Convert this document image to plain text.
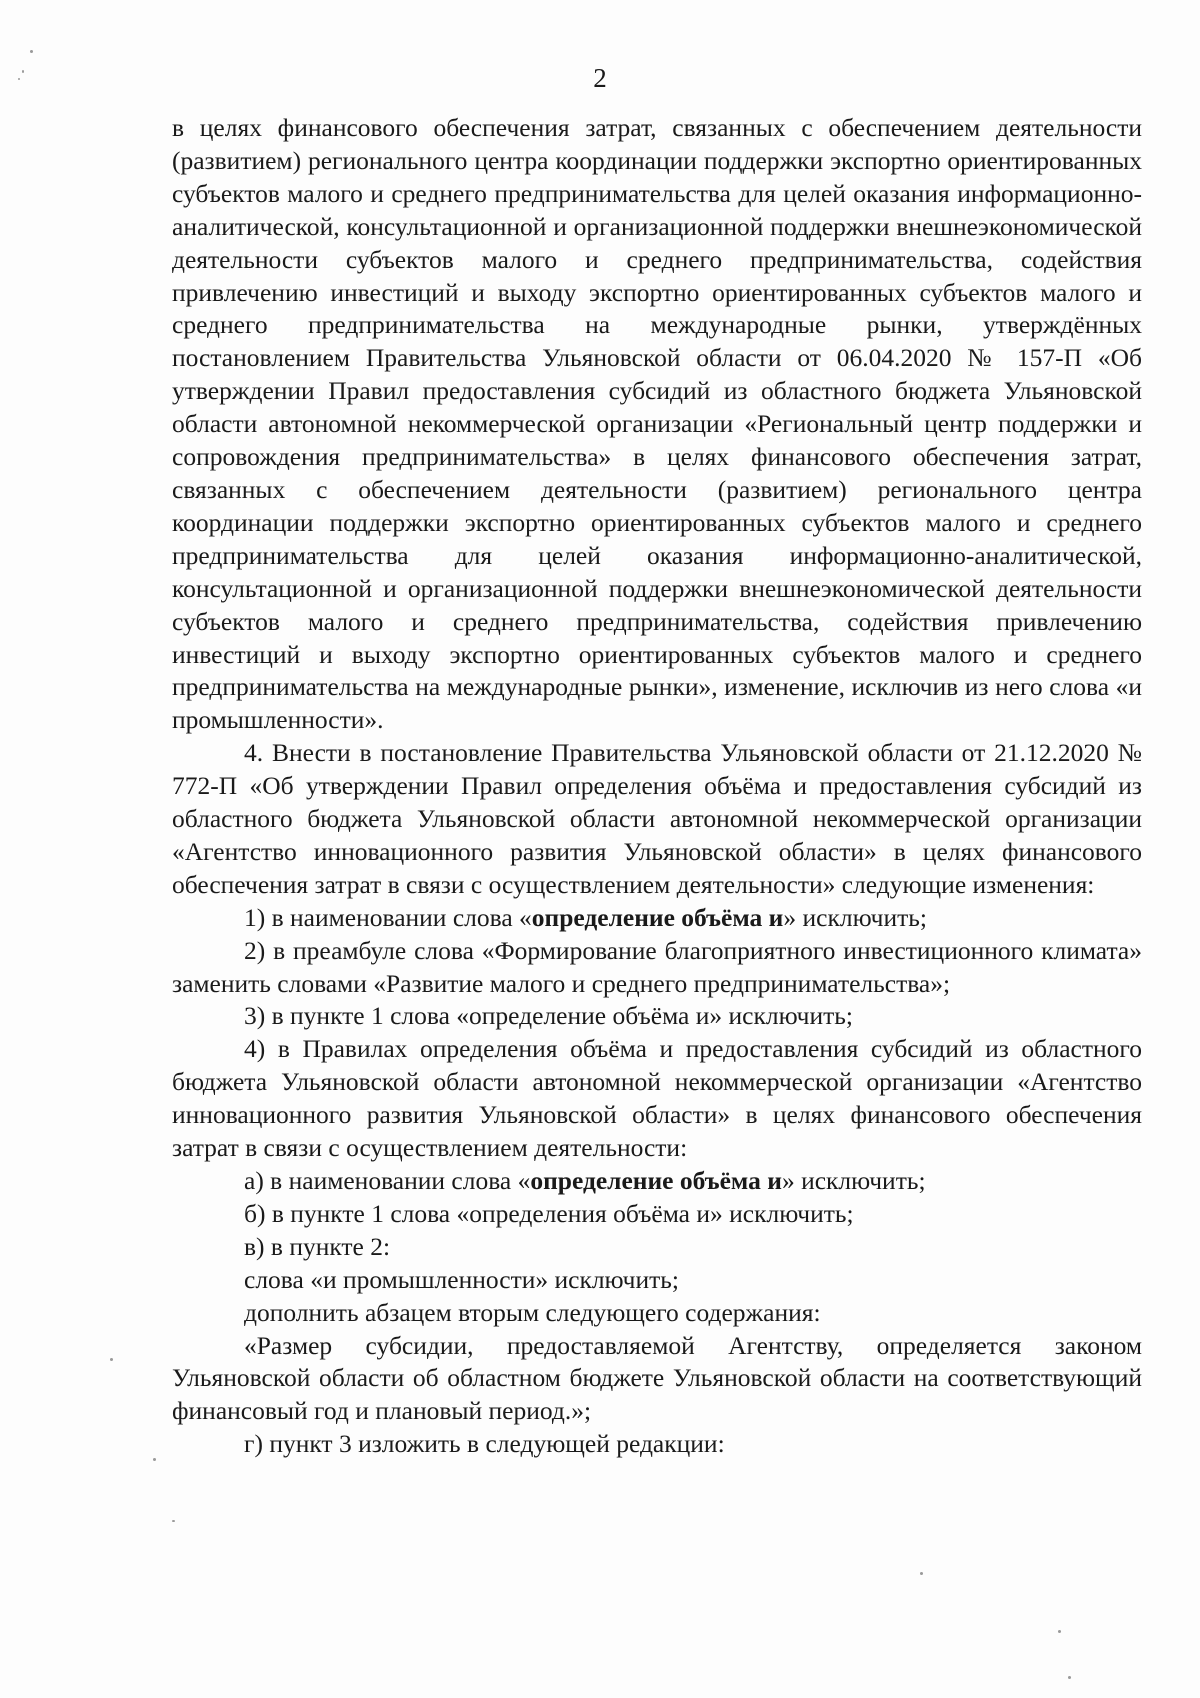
2

в целях финансового обеспечения затрат, связанных с обеспечением деятельности (развитием) регионального центра координации поддержки экспортно ориентированных субъектов малого и среднего предпринимательства для целей оказания информационно-аналитической, консультационной и организационной поддержки внешнеэкономической деятельности субъектов малого и среднего предпринимательства, содействия привлечению инвестиций и выходу экспортно ориентированных субъектов малого и среднего предпринимательства на международные рынки, утверждённых постановлением Правительства Ульяновской области от 06.04.2020 № 157-П «Об утверждении Правил предоставления субсидий из областного бюджета Ульяновской области автономной некоммерческой организации «Региональный центр поддержки и сопровождения предпринимательства» в целях финансового обеспечения затрат, связанных с обеспечением деятельности (развитием) регионального центра координации поддержки экспортно ориентированных субъектов малого и среднего предпринимательства для целей оказания информационно-аналитической, консультационной и организационной поддержки внешнеэкономической деятельности субъектов малого и среднего предпринимательства, содействия привлечению инвестиций и выходу экспортно ориентированных субъектов малого и среднего предпринимательства на международные рынки», изменение, исключив из него слова «и промышленности».

4. Внести в постановление Правительства Ульяновской области от 21.12.2020 № 772-П «Об утверждении Правил определения объёма и предоставления субсидий из областного бюджета Ульяновской области автономной некоммерческой организации «Агентство инновационного развития Ульяновской области» в целях финансового обеспечения затрат в связи с осуществлением деятельности» следующие изменения:

1) в наименовании слова «определение объёма и» исключить;

2) в преамбуле слова «Формирование благоприятного инвестиционного климата» заменить словами «Развитие малого и среднего предпринимательства»;

3) в пункте 1 слова «определение объёма и» исключить;

4) в Правилах определения объёма и предоставления субсидий из областного бюджета Ульяновской области автономной некоммерческой организации «Агентство инновационного развития Ульяновской области» в целях финансового обеспечения затрат в связи с осуществлением деятельности:

а) в наименовании слова «определение объёма и» исключить;

б) в пункте 1 слова «определения объёма и» исключить;

в) в пункте 2:

слова «и промышленности» исключить;

дополнить абзацем вторым следующего содержания:

«Размер субсидии, предоставляемой Агентству, определяется законом Ульяновской области об областном бюджете Ульяновской области на соответствующий финансовый год и плановый период.»;

г) пункт 3 изложить в следующей редакции:
